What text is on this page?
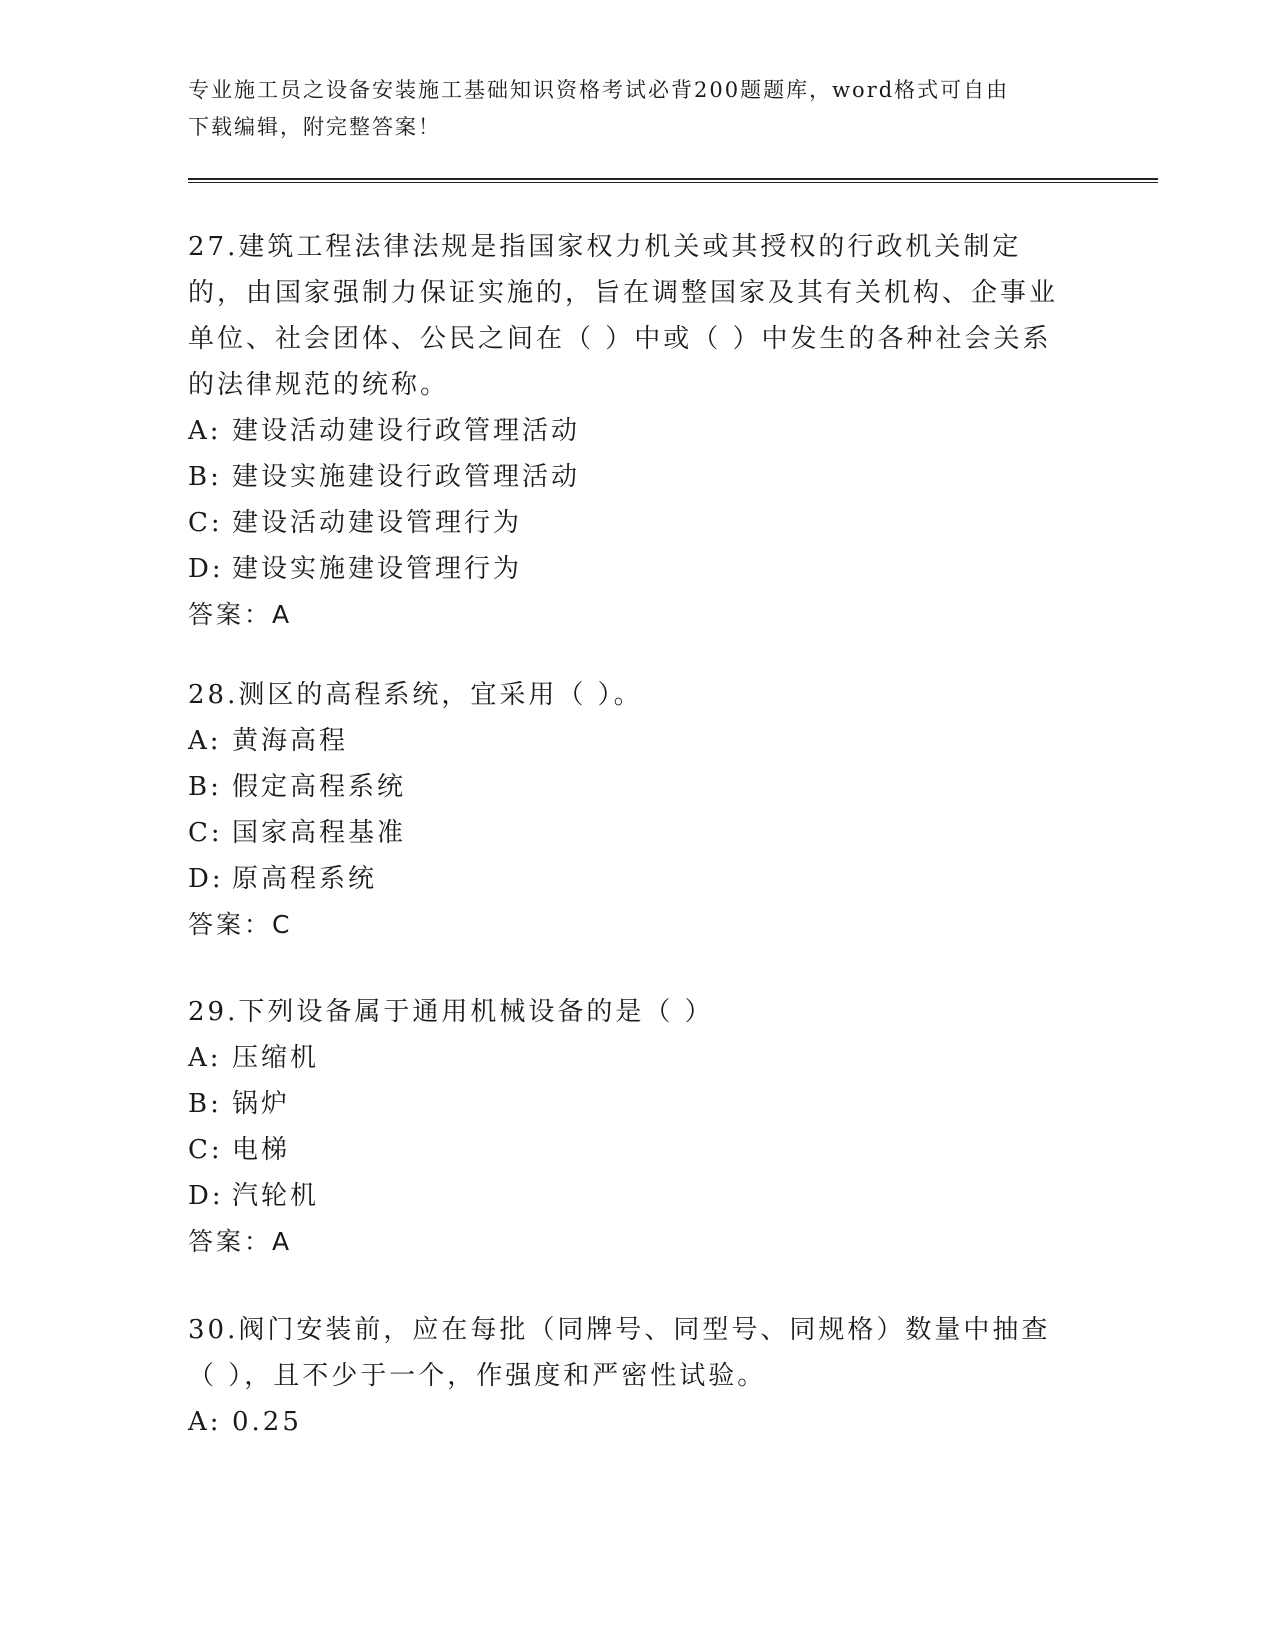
专业施工员之设备安装施工基础知识资格考试必背200题题库，word格式可自由
下载编辑，附完整答案！

27.建筑工程法律法规是指国家权力机关或其授权的行政机关制定的，由国家强制力保证实施的，旨在调整国家及其有关机构、企事业单位、社会团体、公民之间在（ ）中或（ ）中发生的各种社会关系的法律规范的统称。

A: 建设活动建设行政管理活动
B: 建设实施建设行政管理活动
C: 建设活动建设管理行为
D: 建设实施建设管理行为

答案：A

28.测区的高程系统，宜采用（ ）。

A: 黄海高程
B: 假定高程系统
C: 国家高程基准
D: 原高程系统

答案：C

29.下列设备属于通用机械设备的是（ ）

A: 压缩机
B: 锅炉
C: 电梯
D: 汽轮机

答案：A

30.阀门安装前，应在每批（同牌号、同型号、同规格）数量中抽查（ ），且不少于一个，作强度和严密性试验。

A: 0.25
